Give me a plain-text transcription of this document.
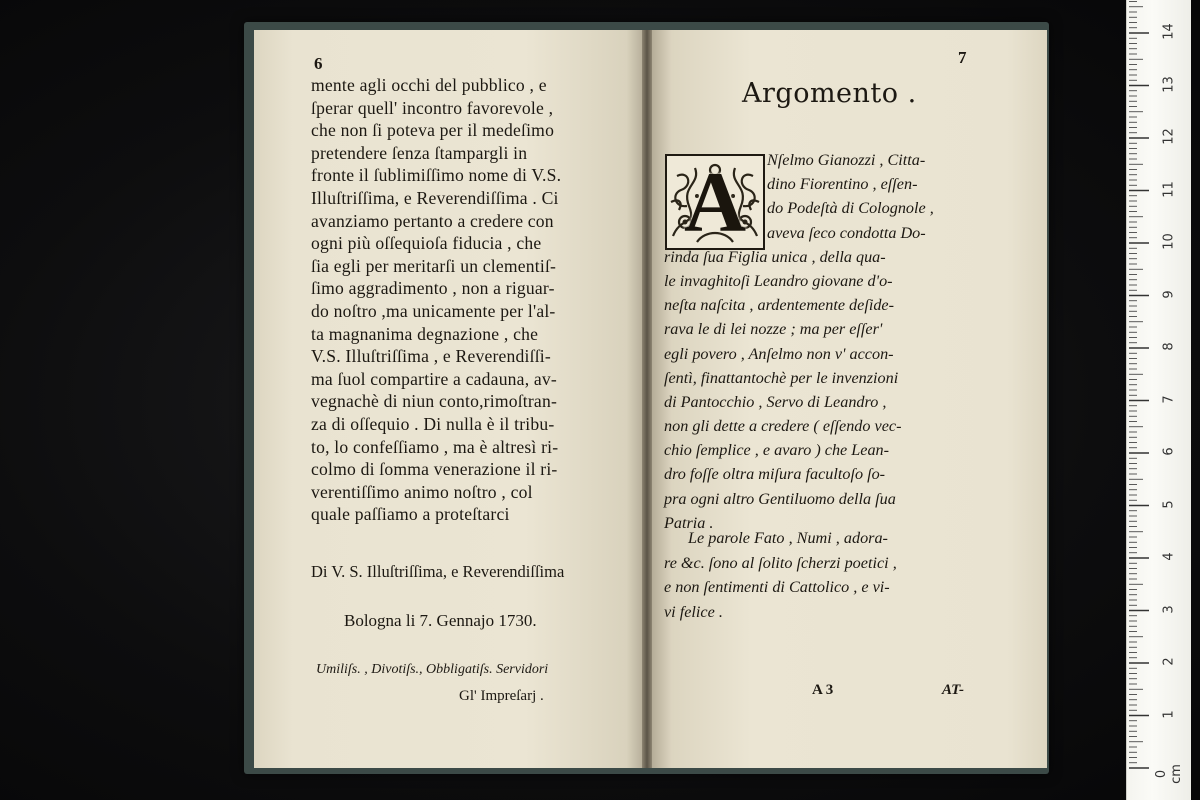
6
mente agli occhi del pubblico , e
ſperar quell' incontro favorevole ,
che non ſi poteva per il medeſimo
pretendere ſenza ſtampargli in
fronte il ſublimiſſimo nome di V.S.
Illuſtriſſima, e Reverendiſſima . Ci
avanziamo pertanto a credere con
ogni più oſſequioſa fiducia , che
ſia egli per meritarſi un clementiſ-
ſimo aggradimento , non a riguar-
do noſtro ,ma unicamente per l'al-
ta magnanima degnazione , che
V.S. Illuſtriſſima , e Reverendiſſi-
ma ſuol compartire a cadauna, av-
vegnachè di niun conto,rimoſtran-
za di oſſequio . Di nulla è il tribu-
to, lo confeſſiamo , ma è altresì ri-
colmo di ſomma venerazione il ri-
verentiſſimo animo noſtro , col
quale paſſiamo a proteſtarci
Di V. S. Illuſtriſſima, e Reverendiſſima
Bologna li 7. Gennajo 1730.
Umiliſs. , Divotiſs., Obbligatiſs. Servidori
Gl' Impreſarj .
7
Argomento .
A	Nſelmo Gianozzi , Citta-
dino Fiorentino , eſſen-
do Podeſtà di Colognole ,
aveva ſeco condotta Do-
rinda ſua Figlia unica , della qua-
le invaghitoſi Leandro giovane d'o-
neſta naſcita , ardentemente deſide-
rava le di lei nozze ; ma per eſſer'
egli povero , Anſelmo non v' accon-
ſentì, finattantochè per le invenzioni
di Pantocchio , Servo di Leandro ,
non gli dette a credere ( eſſendo vec-
chio ſemplice , e avaro ) che Lean-
dro foſſe oltra miſura facultoſo ſo-
pra ogni altro Gentiluomo della ſua
Patria .
Le parole Fato , Numi , adora-
re &c. ſono al ſolito ſcherzi poetici ,
e non ſentimenti di Cattolico , e vi-
vi felice .
A 3	AT-
0 cm
1
2
3
4
5
6
7
8
9
10
11
12
13
14
